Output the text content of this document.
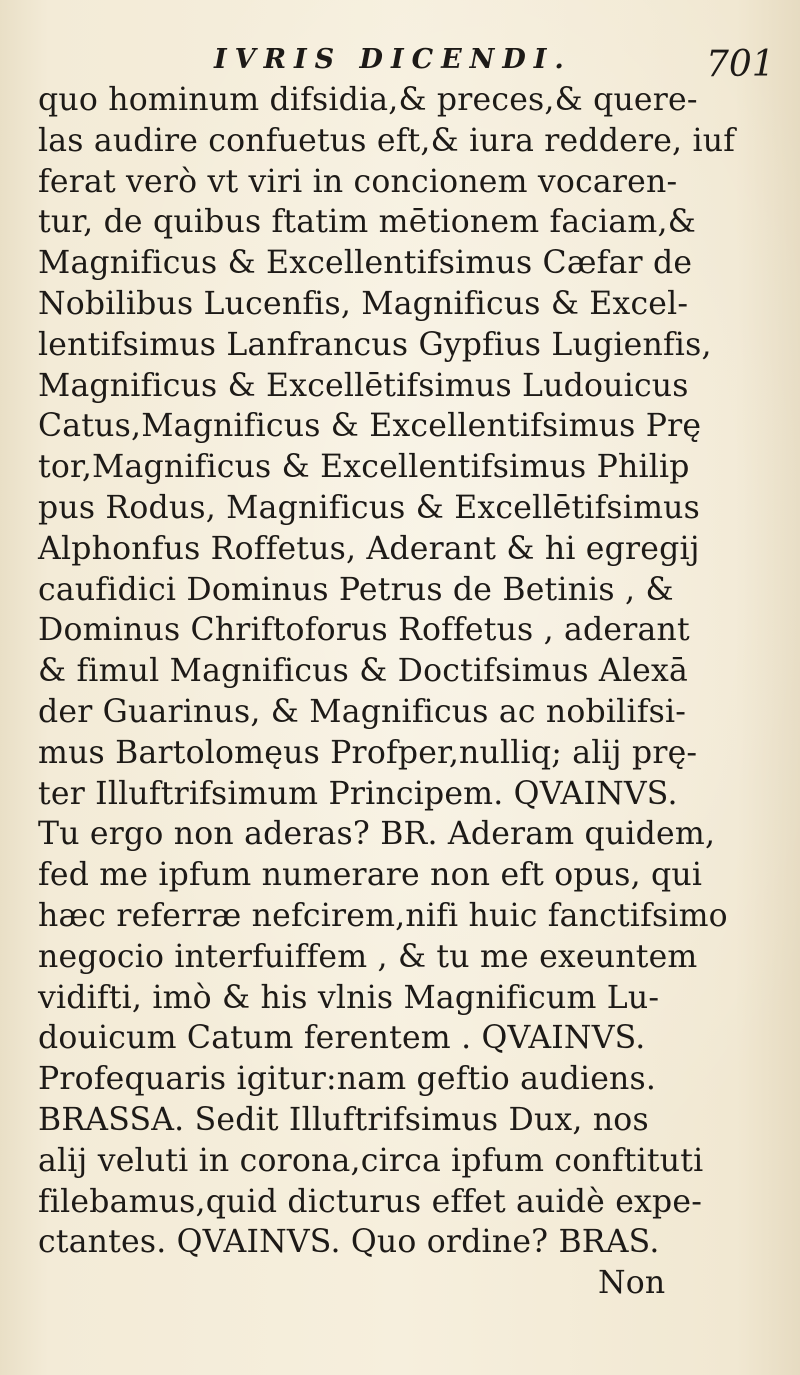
IVRIS DICENDI.	701
quo hominum difsidia,& preces,& quere-
las audire confuetus eft,& iura reddere, iuf
ferat verò vt viri in concionem vocaren-
tur, de quibus ftatim mētionem faciam,&
Magnificus & Excellentifsimus Cæfar de
Nobilibus Lucenfis, Magnificus & Excel-
lentifsimus Lanfrancus Gypfius Lugienfis,
Magnificus & Excellētifsimus Ludouicus
Catus,Magnificus & Excellentifsimus Prę
tor,Magnificus & Excellentifsimus Philip
pus Rodus, Magnificus & Excellētifsimus
Alphonfus Roffetus, Aderant & hi egregij
caufidici Dominus Petrus de Betinis , &
Dominus Chriftoforus Roffetus , aderant
& fimul Magnificus & Doctifsimus Alexā
der Guarinus, & Magnificus ac nobilifsi-
mus Bartolomęus Profper,nulliq; alij prę-
ter Illuftrifsimum Principem. QVAINVS.
Tu ergo non aderas? BR. Aderam quidem,
fed me ipfum numerare non eft opus, qui
hæc referræ nefcirem,nifi huic fanctifsimo
negocio interfuiffem , & tu me exeuntem
vidifti, imò & his vlnis Magnificum Lu-
douicum Catum ferentem . QVAINVS.
Profequaris igitur:nam geftio audiens.
BRASSA. Sedit Illuftrifsimus Dux, nos
alij veluti in corona,circa ipfum conftituti
filebamus,quid dicturus effet auidè expe-
ctantes. QVAINVS. Quo ordine? BRAS.
Non
